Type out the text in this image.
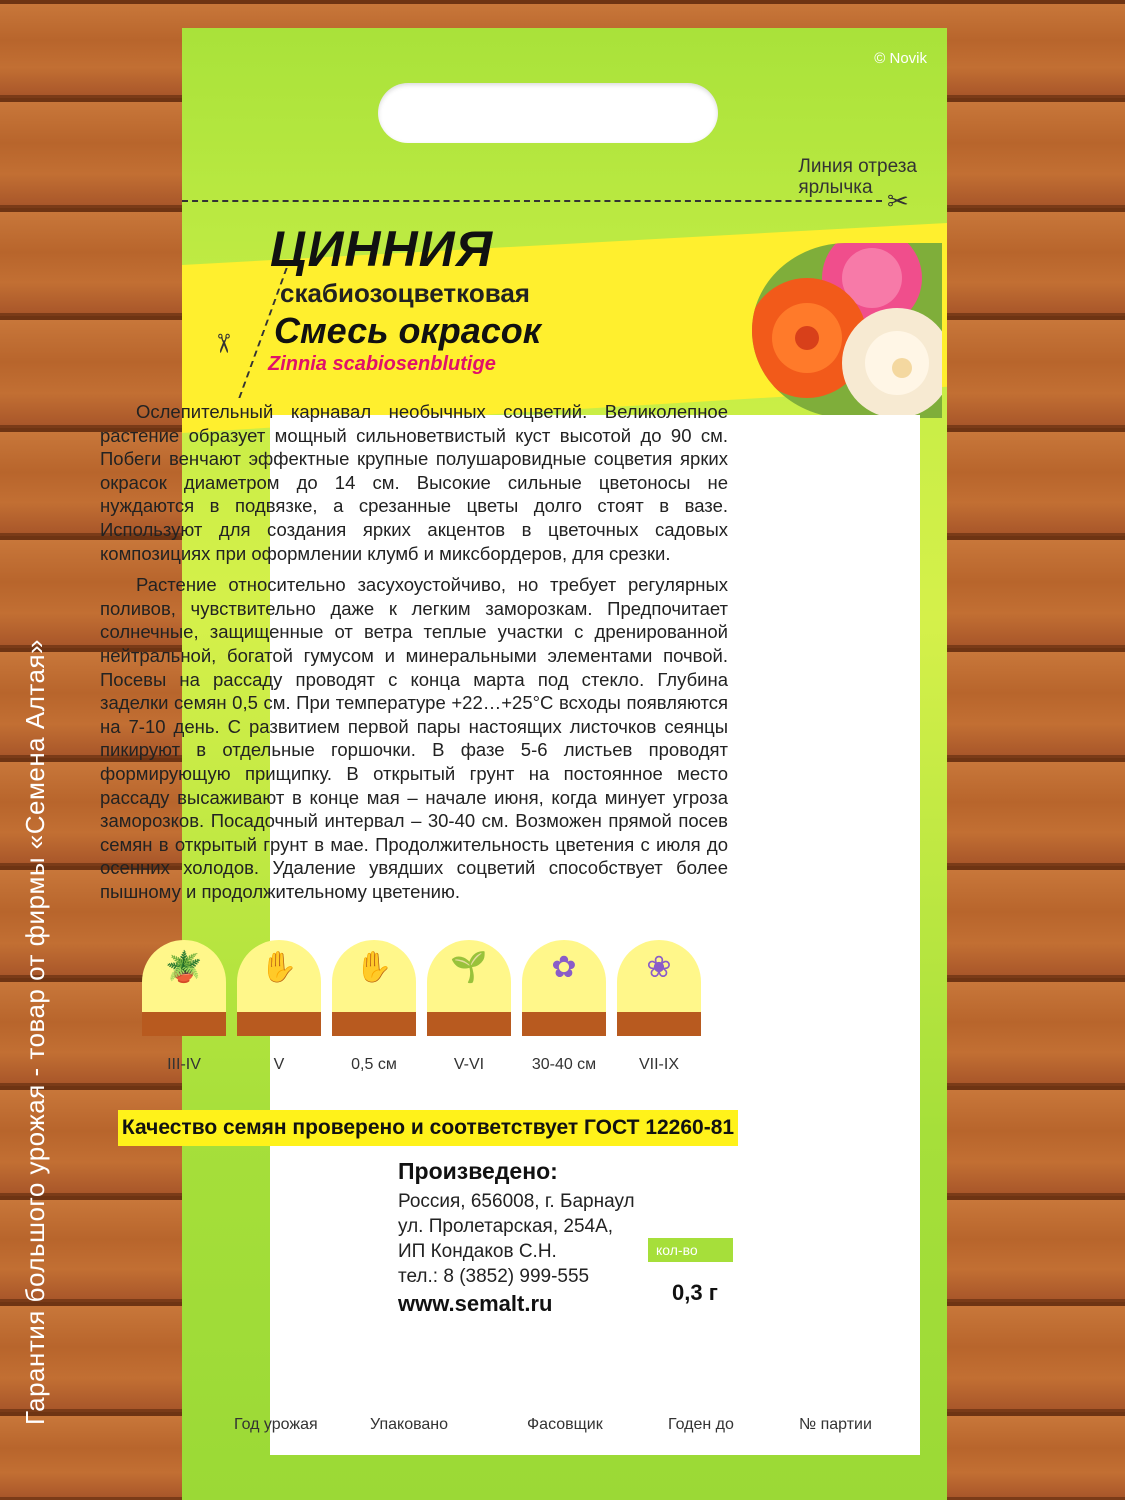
© Novik
Линия отреза
ярлычка ✂
✂
ЦИННИЯ
скабиозоцветковая
Смесь окрасок
Zinnia scabiosenblutige

Ослепительный карнавал необычных соцветий. Великолепное растение образует мощный сильноветвистый куст высотой до 90 см. Побеги венчают эффектные крупные полушаровидные соцветия ярких окрасок диаметром до 14 см. Высокие сильные цветоносы не нуждаются в подвязке, а срезанные цветы долго стоят в вазе. Используют для создания ярких акцентов в цветочных садовых композициях при оформлении клумб и миксбордеров, для срезки.

Растение относительно засухоустойчиво, но требует регулярных поливов, чувствительно даже к легким заморозкам. Предпочитает солнечные, защищенные от ветра теплые участки с дренированной нейтральной, богатой гумусом и минеральными элементами почвой. Посевы на рассаду проводят с конца марта под стекло. Глубина заделки семян 0,5 см. При температуре +22…+25°C всходы появляются на 7-10 день. С развитием первой пары настоящих листочков сеянцы пикируют в отдельные горшочки. В фазе 5-6 листьев проводят формирующую прищипку. В открытый грунт на постоянное место рассаду высаживают в конце мая – начале июня, когда минует угроза заморозков. Посадочный интервал – 30-40 см. Возможен прямой посев семян в открытый грунт в мае. Продолжительность цветения с июля до осенних холодов. Удаление увядших соцветий способствует более пышному и продолжительному цветению.

Гарантия большого урожая - товар от фирмы «Семена Алтая»	🪴
III-IV
✋
V
✋
0,5 см
🌱
V-VI
✿
30-40 см
❀
VII-IX
Качество семян проверено и соответствует ГОСТ 12260-81
Произведено:
Россия, 656008, г. Барнаул
ул. Пролетарская, 254А,
ИП Кондаков С.Н.
тел.: 8 (3852) 999-555
www.semalt.ru
кол-во
0,3 г
Год урожая	Упаковано	Фасовщик	Годен до	№ партии
